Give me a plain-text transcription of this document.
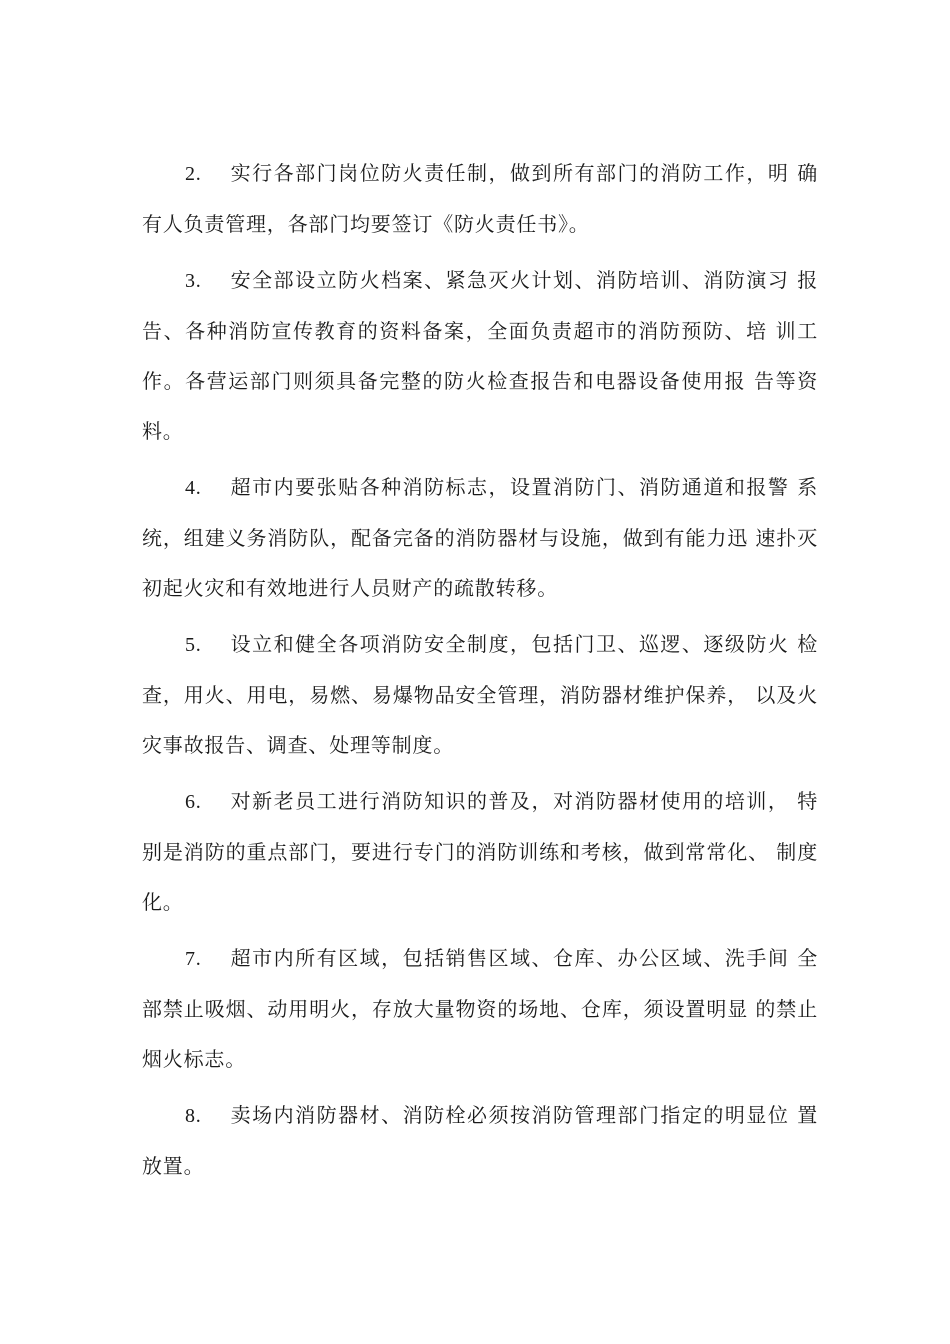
2. 实行各部门岗位防火责任制，做到所有部门的消防工作，明 确有人负责管理，各部门均要签订《防火责任书》。

3. 安全部设立防火档案、紧急灭火计划、消防培训、消防演习 报告、各种消防宣传教育的资料备案，全面负责超市的消防预防、培 训工作。各营运部门则须具备完整的防火检查报告和电器设备使用报 告等资料。

4. 超市内要张贴各种消防标志，设置消防门、消防通道和报警 系统，组建义务消防队，配备完备的消防器材与设施，做到有能力迅 速扑灭初起火灾和有效地进行人员财产的疏散转移。

5. 设立和健全各项消防安全制度，包括门卫、巡逻、逐级防火 检查，用火、用电，易燃、易爆物品安全管理，消防器材维护保养， 以及火灾事故报告、调查、处理等制度。

6. 对新老员工进行消防知识的普及，对消防器材使用的培训， 特别是消防的重点部门，要进行专门的消防训练和考核，做到常常化、 制度化。

7. 超市内所有区域，包括销售区域、仓库、办公区域、洗手间 全部禁止吸烟、动用明火，存放大量物资的场地、仓库，须设置明显 的禁止烟火标志。

8. 卖场内消防器材、消防栓必须按消防管理部门指定的明显位 置放置。
